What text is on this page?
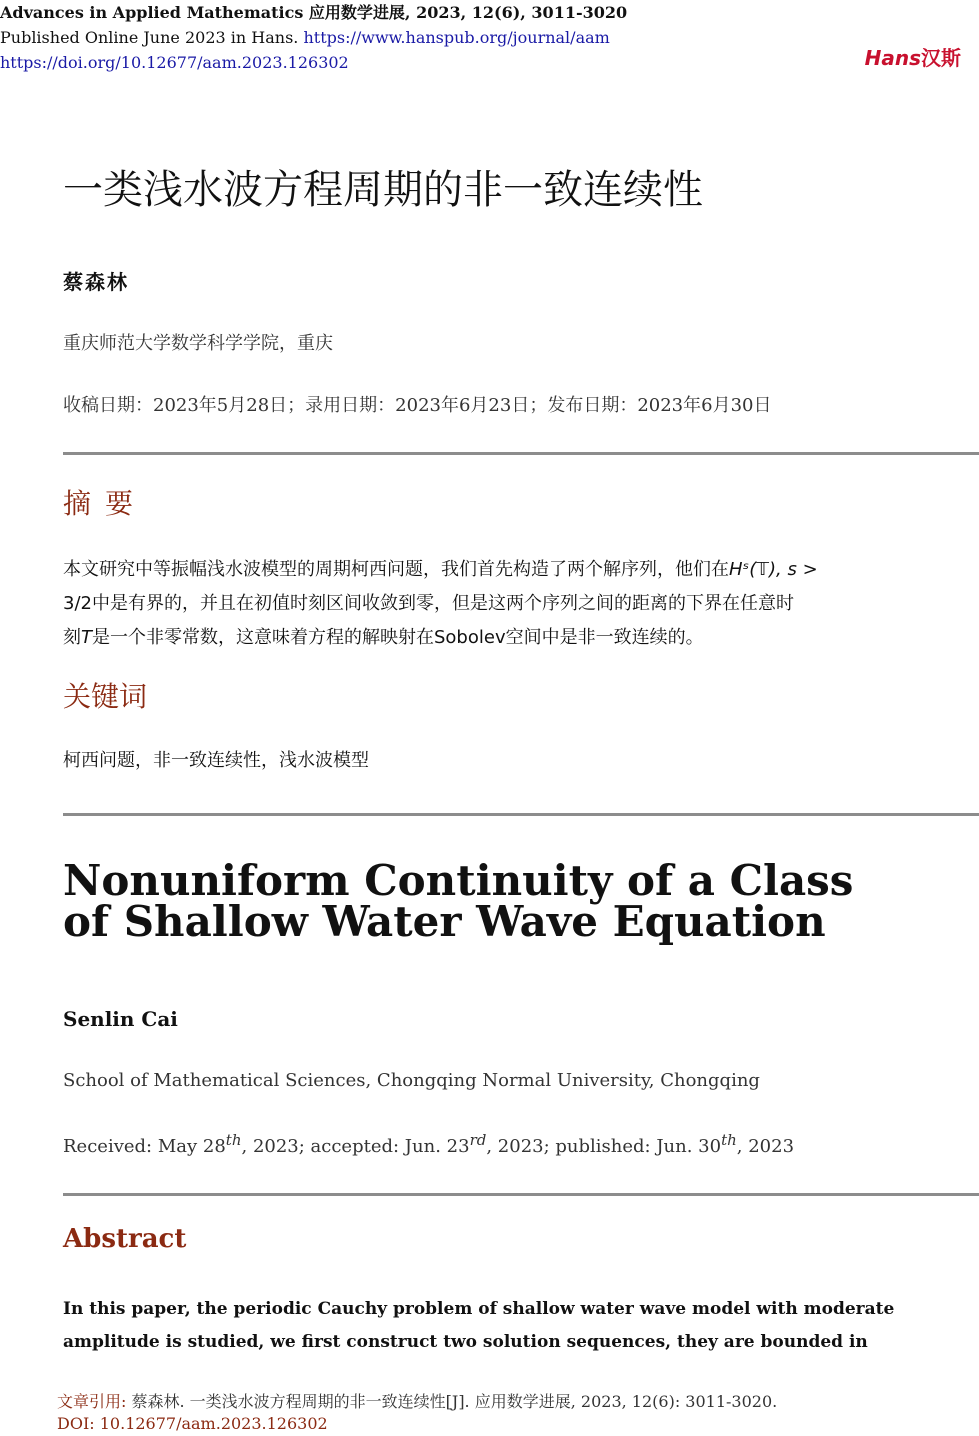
Advances in Applied Mathematics 应用数学进展, 2023, 12(6), 3011-3020
Published Online June 2023 in Hans. https://www.hanspub.org/journal/aam
https://doi.org/10.12677/aam.2023.126302	Hans汉斯
一类浅水波方程周期的非一致连续性
蔡森林
重庆师范大学数学科学学院，重庆
收稿日期：2023年5月28日；录用日期：2023年6月23日；发布日期：2023年6月30日
摘要
本文研究中等振幅浅水波模型的周期柯西问题，我们首先构造了两个解序列，他们在Hˢ(𝕋), s >
3/2中是有界的，并且在初值时刻区间收敛到零，但是这两个序列之间的距离的下界在任意时
刻T是一个非零常数，这意味着方程的解映射在Sobolev空间中是非一致连续的。
关键词
柯西问题，非一致连续性，浅水波模型
Nonuniform Continuity of a Class
of Shallow Water Wave Equation
Senlin Cai
School of Mathematical Sciences, Chongqing Normal University, Chongqing
Received: May 28th, 2023; accepted: Jun. 23rd, 2023; published: Jun. 30th, 2023
Abstract
In this paper, the periodic Cauchy problem of shallow water wave model with moderate
amplitude is studied, we first construct two solution sequences, they are bounded in
文章引用: 蔡森林. 一类浅水波方程周期的非一致连续性[J]. 应用数学进展, 2023, 12(6): 3011-3020.
DOI: 10.12677/aam.2023.126302
